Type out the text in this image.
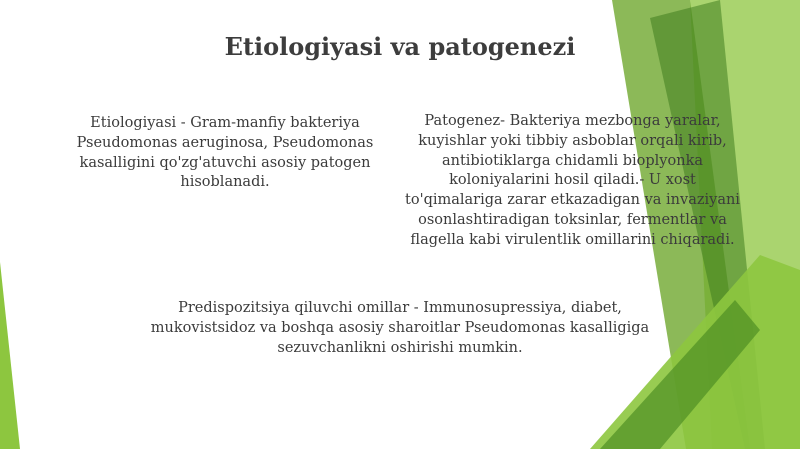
Etiologiyasi va patogenezi

Etiologiyasi - Gram-manfiy bakteriya Pseudomonas aeruginosa, Pseudomonas kasalligini qo'zg'atuvchi asosiy patogen hisoblanadi.

Patogenez- Bakteriya mezbonga yaralar, kuyishlar yoki tibbiy asboblar orqali kirib, antibiotiklarga chidamli bioplyonka koloniyalarini hosil qiladi.- U xost to'qimalariga zarar etkazadigan va invaziyani osonlashtiradigan toksinlar, fermentlar va flagella kabi virulentlik omillarini chiqaradi.

Predispozitsiya qiluvchi omillar - Immunosupressiya, diabet, mukovistsidoz va boshqa asosiy sharoitlar Pseudomonas kasalligiga sezuvchanlikni oshirishi mumkin.
